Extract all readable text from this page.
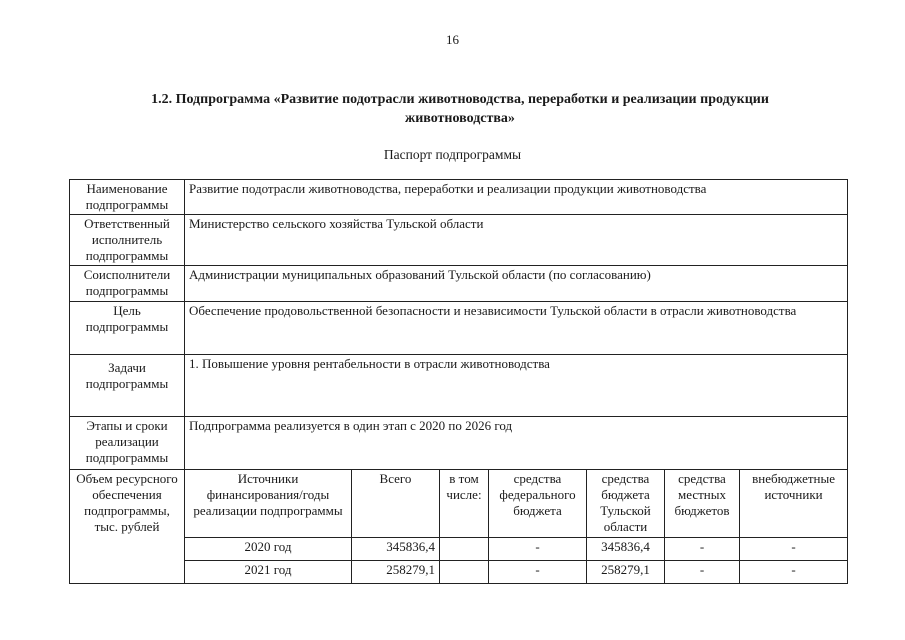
16
1.2. Подпрограмма «Развитие подотрасли животноводства, переработки и реализации продукции
животноводства»
Паспорт подпрограммы
Наименование подпрограммы	Развитие подотрасли животноводства, переработки и реализации продукции животноводства						
Ответственный исполнитель подпрограммы	Министерство сельского хозяйства Тульской области						
Соисполнители подпрограммы	Администрации муниципальных образований Тульской области (по согласованию)						
Цель подпрограммы	Обеспечение продовольственной безопасности и независимости Тульской области в отрасли животноводства						
Задачи подпрограммы	1. Повышение уровня рентабельности в отрасли животноводства						
Этапы и сроки реализации подпрограммы	Подпрограмма реализуется в один этап с 2020 по 2026 год						
Объем ресурсного обеспечения подпрограммы, тыс. рублей	Источники финансирования/годы реализации подпрограммы	Всего	в том числе:	средства федерального бюджета	средства бюджета Тульской области	средства местных бюджетов	внебюджетные источники
	2020 год	345836,4		-	345836,4	-	-
	2021 год	258279,1		-	258279,1	-	-
